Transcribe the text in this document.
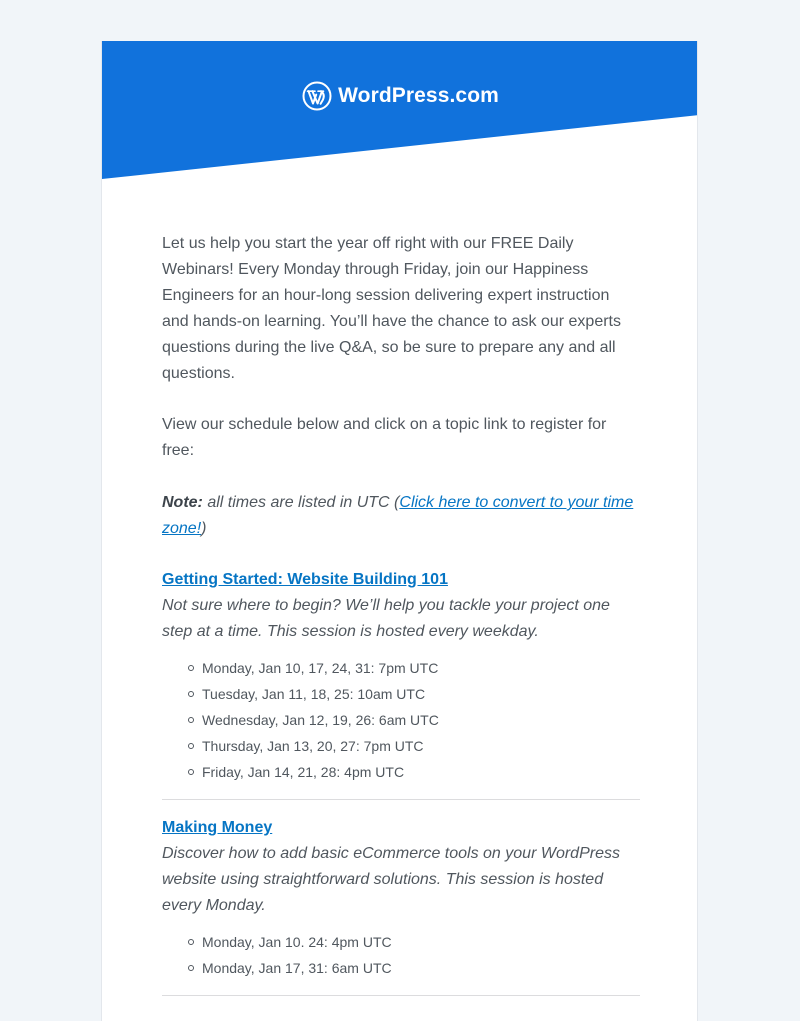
WordPress.com

Let us help you start the year off right with our FREE Daily Webinars! Every Monday through Friday, join our Happiness Engineers for an hour-long session delivering expert instruction and hands-on learning. You’ll have the chance to ask our experts questions during the live Q&A, so be sure to prepare any and all questions.

View our schedule below and click on a topic link to register for free:

Note: all times are listed in UTC (Click here to convert to your time zone!)

Getting Started: Website Building 101

Not sure where to begin? We’ll help you tackle your project one step at a time. This session is hosted every weekday.

Monday, Jan 10, 17, 24, 31: 7pm UTC
Tuesday, Jan 11, 18, 25: 10am UTC
Wednesday, Jan 12, 19, 26: 6am UTC
Thursday, Jan 13, 20, 27: 7pm UTC
Friday, Jan 14, 21, 28: 4pm UTC
Making Money

Discover how to add basic eCommerce tools on your WordPress website using straightforward solutions. This session is hosted every Monday.

Monday, Jan 10. 24: 4pm UTC
Monday, Jan 17, 31: 6am UTC
